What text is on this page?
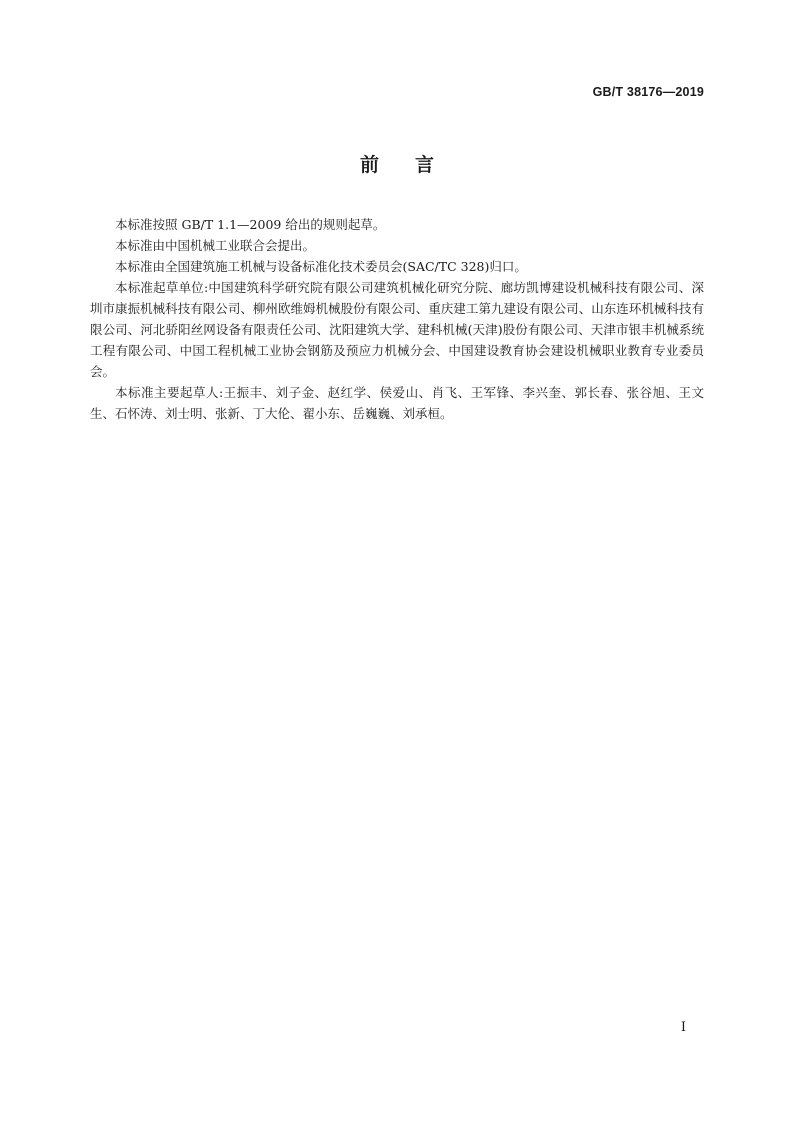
GB/T 38176—2019
前言

本标准按照 GB/T 1.1—2009 给出的规则起草。

本标准由中国机械工业联合会提出。

本标准由全国建筑施工机械与设备标准化技术委员会(SAC/TC 328)归口。

本标准起草单位:中国建筑科学研究院有限公司建筑机械化研究分院、廊坊凯博建设机械科技有限公司、深圳市康振机械科技有限公司、柳州欧维姆机械股份有限公司、重庆建工第九建设有限公司、山东连环机械科技有限公司、河北骄阳丝网设备有限责任公司、沈阳建筑大学、建科机械(天津)股份有限公司、天津市银丰机械系统工程有限公司、中国工程机械工业协会钢筋及预应力机械分会、中国建设教育协会建设机械职业教育专业委员会。

本标准主要起草人:王振丰、刘子金、赵红学、侯爱山、肖飞、王军锋、李兴奎、郭长春、张谷旭、王文生、石怀涛、刘士明、张新、丁大伦、翟小东、岳巍巍、刘承桓。

I
